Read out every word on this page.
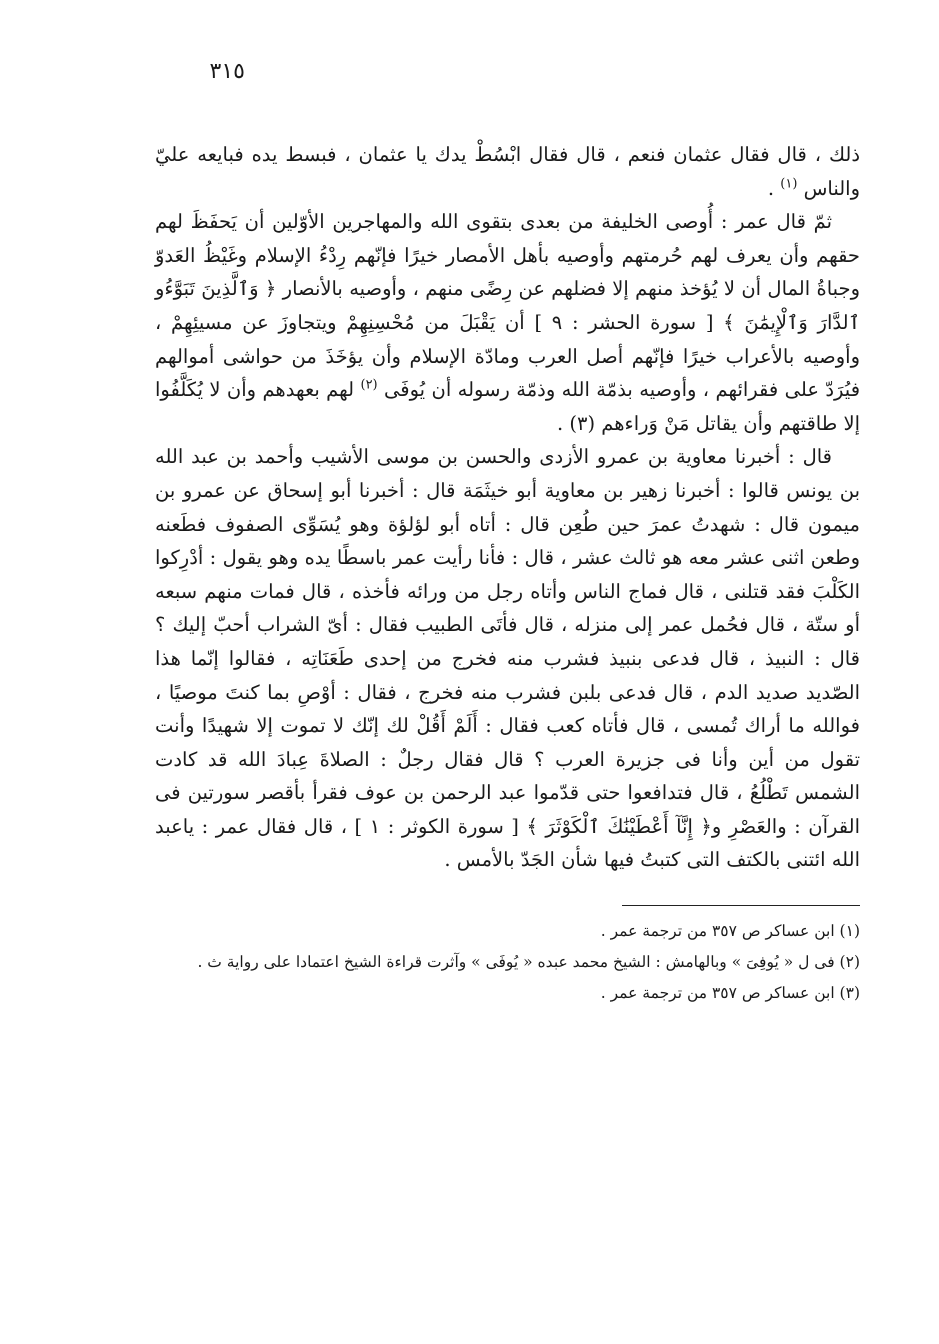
٣١٥

ذلك ، قال فقال عثمان فنعم ، قال فقال ابْسُطْ يدك يا عثمان ، فبسط يده فبايعه عليّ والناس $^{(١)}$ .

ثمّ قال عمر : أُوصى الخليفة من بعدى بتقوى الله والمهاجرين الأوّلين أن يَحفَظَ لهم حقهم وأن يعرف لهم حُرمتهم وأوصيه بأهل الأمصار خيرًا فإنّهم رِدْءُ الإسلام وغَيْظُ العَدوّ وجباةُ المال أن لا يُؤخذ منهم إلا فضلهم عن رِضًى منهم ، وأوصيه بالأنصار ﴿ وَٱلَّذِينَ تَبَوَّءُو ٱلدَّارَ وَٱلْإِيمَٰنَ ﴾ [ سورة الحشر : ٩ ] أن يَقْبَلَ من مُحْسِنِهِمْ ويتجاوزَ عن مسيئِهِمْ ، وأوصيه بالأعراب خيرًا فإنّهم أصل العرب ومادّة الإسلام وأن يؤخَذَ من حواشى أموالهم فيُرَدّ على فقرائهم ، وأوصيه بذمّة الله وذمّة رسوله أن يُوفَى $^{(٢)}$ لهم بعهدهم وأن لا يُكَلَّفُوا إلا طاقتهم وأن يقاتل مَنْ وَراءهم (٣) .

قال : أخبرنا معاوية بن عمرو الأزدى والحسن بن موسى الأشيب وأحمد بن عبد الله بن يونس قالوا : أخبرنا زهير بن معاوية أبو خيثَمَة قال : أخبرنا أبو إسحاق عن عمرو بن ميمون قال : شهدتُ عمرَ حين طُعِن قال : أتاه أبو لؤلؤة وهو يُسَوِّى الصفوف فطَعنه وطعن اثنى عشر معه هو ثالث عشر ، قال : فأنا رأيت عمر باسطًا يده وهو يقول : أدْرِكوا الكَلْبَ فقد قتلنى ، قال فماج الناس وأتاه رجل من ورائه فأخذه ، قال فمات منهم سبعه أو ستّة ، قال فحُمل عمر إلى منزله ، قال فأتَى الطبيب فقال : أىّ الشراب أحبّ إليك ؟ قال : النبيذ ، قال فدعى بنبيذ فشرب منه فخرج من إحدى طَعَنَاتِه ، فقالوا إنّما هذا الصّديد صديد الدم ، قال فدعى بلبن فشرب منه فخرج ، فقال : أوْصِ بما كنتَ موصيًا ، فوالله ما أراك تُمسى ، قال فأتاه كعب فقال : أَلَمْ أَقُلْ لك إنّك لا تموت إلا شهيدًا وأنت تقول من أين وأنا فى جزيرة العرب ؟ قال فقال رجلٌ : الصلاةَ عِبادَ الله قد كادت الشمس تَطْلُعُ ، قال فتدافعوا حتى قدّموا عبد الرحمن بن عوف فقرأ بأقصر سورتين فى القرآن : والعَصْرِ و﴿ إِنَّآ أَعْطَيْنَٰكَ ٱلْكَوْثَرَ ﴾ [ سورة الكوثر : ١ ] ، قال فقال عمر : ياعبد الله ائتنى بالكتف التى كتبتُ فيها شأن الجَدّ بالأمس .

(١) ابن عساكر ص ٣٥٧ من ترجمة عمر .
(٢) فى ل « يُوفِىَ » وبالهامش : الشيخ محمد عبده « يُوفَى » وآثرت قراءة الشيخ اعتمادا على رواية ث .
(٣) ابن عساكر ص ٣٥٧ من ترجمة عمر .
